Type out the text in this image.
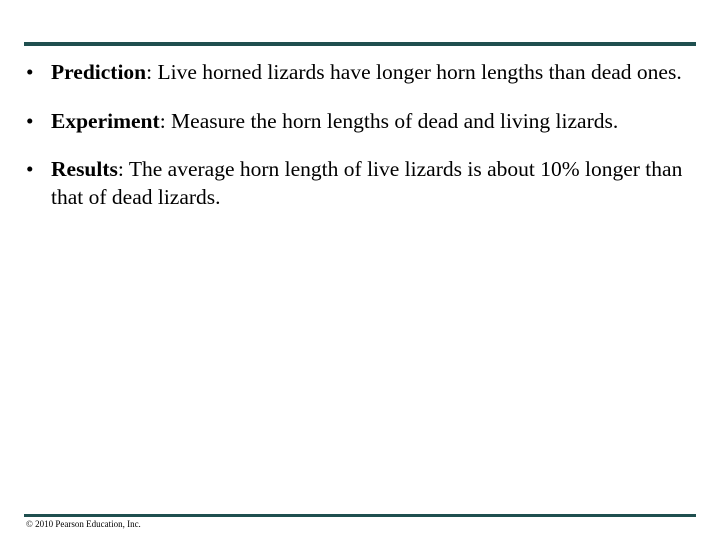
• Prediction: Live horned lizards have longer horn lengths than dead ones.
• Experiment: Measure the horn lengths of dead and living lizards.
• Results: The average horn length of live lizards is about 10% longer than that of dead lizards.
© 2010 Pearson Education, Inc.
